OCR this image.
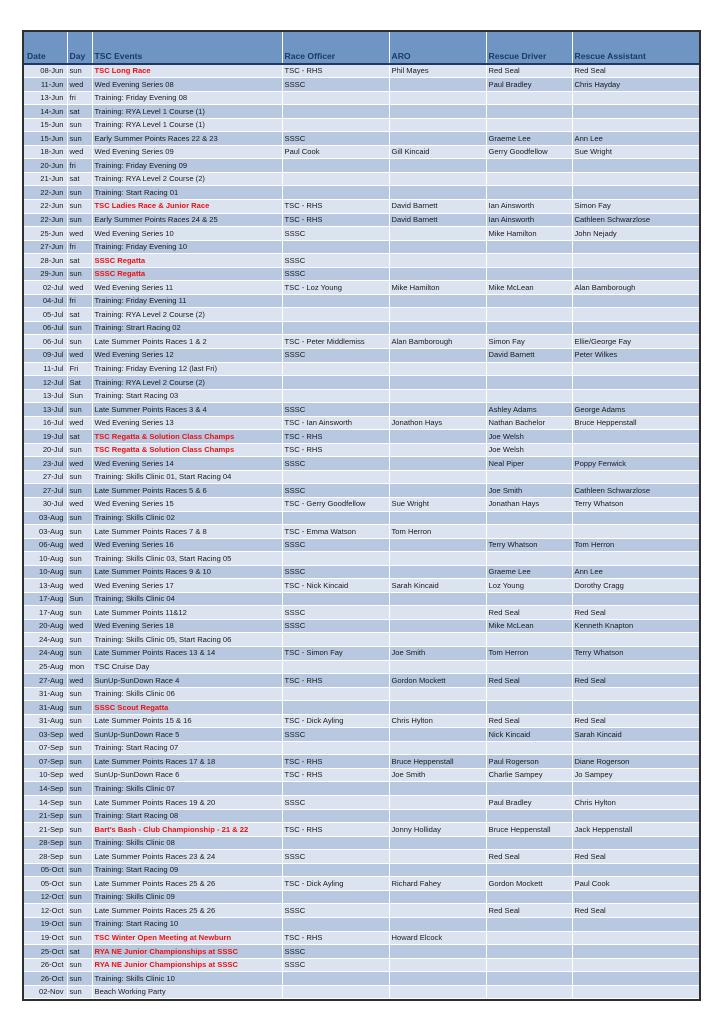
Date	Day	TSC Events	Race Officer	ARO	Rescue Driver	Rescue Assistant
08-Jun	sun	TSC Long Race	TSC - RHS	Phil Mayes	Red Seal	Red Seal
11-Jun	wed	Wed Evening Series 08	SSSC		Paul Bradley	Chris Hayday
13-Jun	fri	Training: Friday Evening 08				
14-Jun	sat	Training: RYA Level 1 Course (1)				
15-Jun	sun	Training: RYA Level 1 Course (1)				
15-Jun	sun	Early Summer Points Races 22 & 23	SSSC		Graeme Lee	Ann Lee
18-Jun	wed	Wed Evening Series 09	Paul Cook	Gill Kincaid	Gerry Goodfellow	Sue Wright
20-Jun	fri	Training: Friday Evening 09				
21-Jun	sat	Training: RYA Level 2 Course (2)				
22-Jun	sun	Training: Start Racing 01				
22-Jun	sun	TSC Ladies Race & Junior Race	TSC - RHS	David Barnett	Ian Ainsworth	Simon Fay
22-Jun	sun	Early Summer Points Races 24 & 25	TSC - RHS	David Barnett	Ian Ainsworth	Cathleen Schwarzlose
25-Jun	wed	Wed Evening Series 10	SSSC		Mike Hamilton	John Nejady
27-Jun	fri	Training: Friday Evening 10				
28-Jun	sat	SSSC Regatta	SSSC			
29-Jun	sun	SSSC Regatta	SSSC			
02-Jul	wed	Wed Evening Series 11	TSC - Loz Young	Mike Hamilton	Mike McLean	Alan Bamborough
04-Jul	fri	Training: Friday Evening 11				
05-Jul	sat	Training: RYA Level 2 Course (2)				
06-Jul	sun	Training: Strart Racing 02				
06-Jul	sun	Late Summer Points Races 1 & 2	TSC - Peter Middlemiss	Alan Bamborough	Simon Fay	Ellie/George Fay
09-Jul	wed	Wed Evening Series 12	SSSC		David Barnett	Peter Wilkes
11-Jul	Fri	Training: Friday Evening 12 (last Fri)				
12-Jul	Sat	Training: RYA Level 2 Course (2)				
13-Jul	Sun	Training: Start Racing 03				
13-Jul	sun	Late Summer Points Races 3 & 4	SSSC		Ashley Adams	George Adams
16-Jul	wed	Wed Evening Series 13	TSC - Ian Ainsworth	Jonathon Hays	Nathan Bachelor	Bruce Heppenstall
19-Jul	sat	TSC Regatta & Solution Class Champs	TSC - RHS		Joe Welsh	
20-Jul	sun	TSC Regatta & Solution Class Champs	TSC - RHS		Joe Welsh	
23-Jul	wed	Wed Evening Series 14	SSSC		Neal Piper	Poppy Fenwick
27-Jul	sun	Training: Skills Clinic 01, Start Racing 04				
27-Jul	sun	Late Summer Points Races 5 & 6	SSSC		Joe Smith	Cathleen Schwarzlose
30-Jul	wed	Wed Evening Series 15	TSC - Gerry Goodfellow	Sue Wright	Jonathan Hays	Terry Whatson
03-Aug	sun	Training: Skills Clinic 02				
03-Aug	sun	Late Summer Points Races 7 & 8	TSC - Emma Watson	Tom Herron		
06-Aug	wed	Wed Evening Series 16	SSSC		Terry Whatson	Tom Herron
10-Aug	sun	Training: Skills Clinic 03, Start Racing 05				
10-Aug	sun	Late Summer Points Races 9 & 10	SSSC		Graeme Lee	Ann Lee
13-Aug	wed	Wed Evening Series 17	TSC - Nick Kincaid	Sarah Kincaid	Loz Young	Dorothy Cragg
17-Aug	Sun	Training; Skills Clinic 04				
17-Aug	sun	Late Summer Points 11&12	SSSC		Red Seal	Red Seal
20-Aug	wed	Wed Evening Series 18	SSSC		Mike McLean	Kenneth Knapton
24-Aug	sun	Training: Skills Clinic 05, Start Racing 06				
24-Aug	sun	Late Summer Points Races 13 & 14	TSC - Simon Fay	Joe Smith	Tom Herron	Terry Whatson
25-Aug	mon	TSC Cruise Day				
27-Aug	wed	SunUp-SunDown Race 4	TSC - RHS	Gordon Mockett	Red Seal	Red Seal
31-Aug	sun	Training: Skills Clinic 06				
31-Aug	sun	SSSC Scout Regatta				
31-Aug	sun	Late Summer Points 15 & 16	TSC - Dick Ayling	Chris Hylton	Red Seal	Red Seal
03-Sep	wed	SunUp-SunDown Race 5	SSSC		Nick Kincaid	Sarah Kincaid
07-Sep	sun	Training: Start Racing 07				
07-Sep	sun	Late Summer Points Races 17 & 18	TSC - RHS	Bruce Heppenstall	Paul Rogerson	Diane Rogerson
10-Sep	wed	SunUp-SunDown Race 6	TSC - RHS	Joe Smith	Charlie Sampey	Jo Sampey
14-Sep	sun	Training: Skills Clinic 07				
14-Sep	sun	Late Summer Points Races 19 & 20	SSSC		Paul Bradley	Chris Hylton
21-Sep	sun	Training: Start Racing 08				
21-Sep	sun	Bart's Bash - Club Championship - 21 & 22	TSC - RHS	Jonny Holliday	Bruce Heppenstall	Jack Heppenstall
28-Sep	sun	Training: Skills Clinic 08				
28-Sep	sun	Late Summer Points Races 23 & 24	SSSC		Red Seal	Red Seal
05-Oct	sun	Training: Start Racing 09				
05-Oct	sun	Late Summer Points Races 25 & 26	TSC - Dick Ayling	Richard Fahey	Gordon Mockett	Paul Cook
12-Oct	sun	Training: Skills Clinic 09				
12-Oct	sun	Late Summer Points Races 25 & 26	SSSC		Red Seal	Red Seal
19-Oct	sun	Training: Start Racing 10				
19-Oct	sun	TSC Winter Open Meeting at Newburn	TSC - RHS	Howard Elcock		
25-Oct	sat	RYA NE Junior Championships at SSSC	SSSC			
26-Oct	sun	RYA NE Junior Championships at SSSC	SSSC			
26-Oct	sun	Training: Skills Clinic 10				
02-Nov	sun	Beach Working Party				
